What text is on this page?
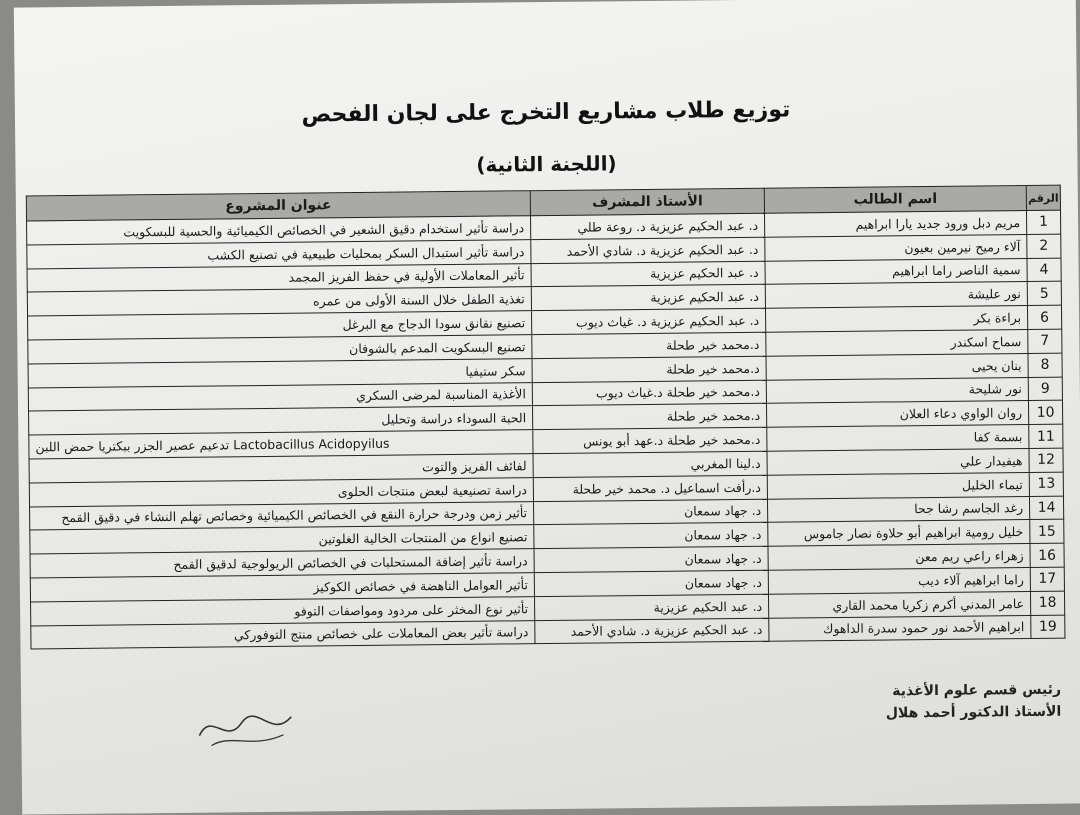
توزيع طلاب مشاريع التخرج على لجان الفحص
(اللجنة الثانية)
الرقم	اسم الطالب	الأستاذ المشرف	عنوان المشروع
1	مريم دبل ورود جديد يارا ابراهيم	د. عبد الحكيم عزيزية د. روعة طلي	دراسة تأثير استخدام دقيق الشعير في الخصائص الكيميائية والحسية للبسكويت
2	آلاء رميح نيرمين بعيون	د. عبد الحكيم عزيزية د. شادي الأحمد	دراسة تأثير استبدال السكر بمحليات طبيعية في تصنيع الكشب
4	سمية الناصر راما ابراهيم	د. عبد الحكيم عزيزية	تأثير المعاملات الأولية في حفظ الفريز المجمد
5	نور عليشة	د. عبد الحكيم عزيزية	تغذية الطفل خلال السنة الأولى من عمره
6	براءة بكر	د. عبد الحكيم عزيزية د. غياث ديوب	تصنيع نقانق سودا الدجاج مع البرغل
7	سماح اسكندر	د.محمد خير طحلة	تصنيع البسكويت المدعم بالشوفان
8	بنان يحيى	د.محمد خير طحلة	سكر ستيفيا
9	نور شليحة	د.محمد خير طحلة د.غياث ديوب	الأغذية المناسبة لمرضى السكري
10	روان الواوي دعاء العلان	د.محمد خير طحلة	الحبة السوداء دراسة وتحليل
11	بسمة كفا	د.محمد خير طحلة د.عهد أبو يونس	تدعيم عصير الجزر ببكتريا حمض اللبن Lactobacillus Acidopyilus
12	هيفيدار علي	د.لينا المغربي	لفائف الفريز والتوت
13	تيماء الخليل	د.رأفت اسماعيل د. محمد خير طحلة	دراسة تصنيعية لبعض منتجات الحلوى
14	رغد الجاسم رشا جحا	د. جهاد سمعان	تأثير زمن ودرجة حرارة النقع في الخصائص الكيميائية وخصائص تهلم النشاء في دقيق القمح
15	خليل رومية ابراهيم أبو حلاوة نصار جاموس	د. جهاد سمعان	تصنيع انواع من المنتجات الخالية الغلوتين
16	زهراء راعي ريم معن	د. جهاد سمعان	دراسة تأثير إضافة المستحلبات في الخصائص الريولوجية لدقيق القمح
17	راما ابراهيم آلاء ديب	د. جهاد سمعان	تأثير العوامل الناهضة في خصائص الكوكيز
18	عامر المدني أكرم زكريا محمد القاري	د. عبد الحكيم عزيزية	تأثير نوع المخثر على مردود ومواصفات التوفو
19	ابراهيم الأحمد نور حمود سدرة الداهوك	د. عبد الحكيم عزيزية د. شادي الأحمد	دراسة تأثير بعض المعاملات على خصائص منتج التوفوركي
رئيس قسم علوم الأغذية
الأستاذ الدكتور أحمد هلال
